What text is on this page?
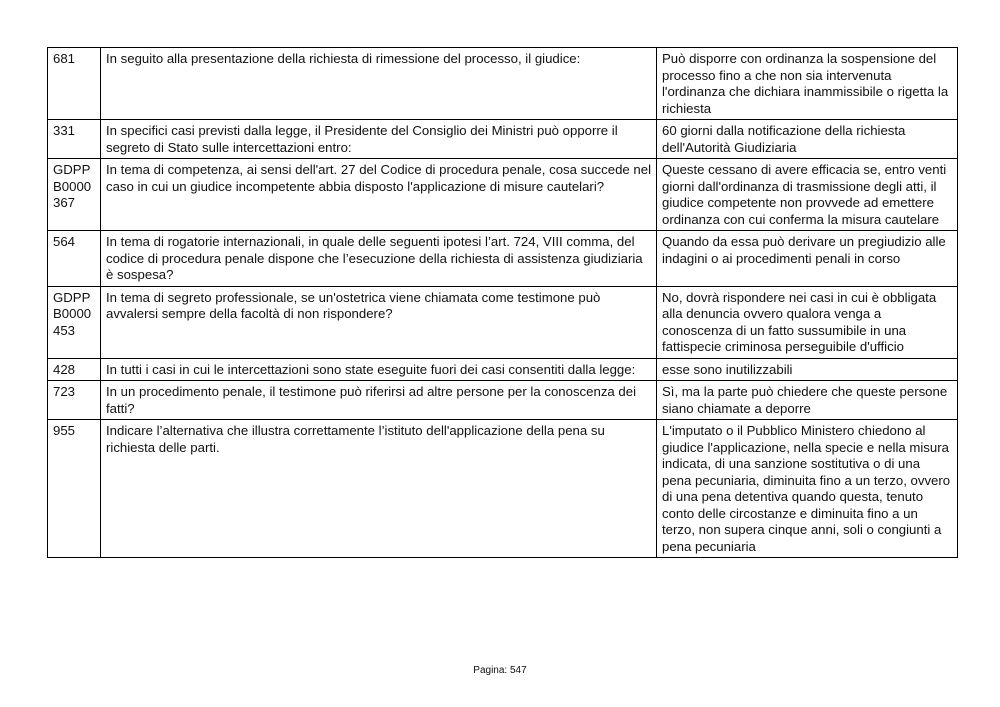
681	In seguito alla presentazione della richiesta di rimessione del processo, il giudice:	Può disporre con ordinanza la sospensione del processo fino a che non sia intervenuta l'ordinanza che dichiara inammissibile o rigetta la richiesta
331	In specifici casi previsti dalla legge, il Presidente del Consiglio dei Ministri può opporre il segreto di Stato sulle intercettazioni entro:	60 giorni dalla notificazione della richiesta dell'Autorità Giudiziaria
GDPP B0000 367	In tema di competenza, ai sensi dell'art. 27 del Codice di procedura penale, cosa succede nel caso in cui un giudice incompetente abbia disposto l'applicazione di misure cautelari?	Queste cessano di avere efficacia se, entro venti giorni dall'ordinanza di trasmissione degli atti, il giudice competente non provvede ad emettere ordinanza con cui conferma la misura cautelare
564	In tema di rogatorie internazionali, in quale delle seguenti ipotesi l’art. 724, VIII comma, del codice di procedura penale dispone che l’esecuzione della richiesta di assistenza giudiziaria è sospesa?	Quando da essa può derivare un pregiudizio alle indagini o ai procedimenti penali in corso
GDPP B0000 453	In tema di segreto professionale, se un'ostetrica viene chiamata come testimone può avvalersi sempre della facoltà di non rispondere?	No, dovrà rispondere nei casi in cui è obbligata alla denuncia ovvero qualora venga a conoscenza di un fatto sussumibile in una fattispecie criminosa perseguibile d'ufficio
428	In tutti i casi in cui le intercettazioni sono state eseguite fuori dei casi consentiti dalla legge:	esse sono inutilizzabili
723	In un procedimento penale, il testimone può riferirsi ad altre persone per la conoscenza dei fatti?	Sì, ma la parte può chiedere che queste persone siano chiamate a deporre
955	Indicare l’alternativa che illustra correttamente l’istituto dell'applicazione della pena su richiesta delle parti.	L'imputato o il Pubblico Ministero chiedono al giudice l'applicazione, nella specie e nella misura indicata, di una sanzione sostitutiva o di una pena pecuniaria, diminuita fino a un terzo, ovvero di una pena detentiva quando questa, tenuto conto delle circostanze e diminuita fino a un terzo, non supera cinque anni, soli o congiunti a pena pecuniaria
Pagina: 547
